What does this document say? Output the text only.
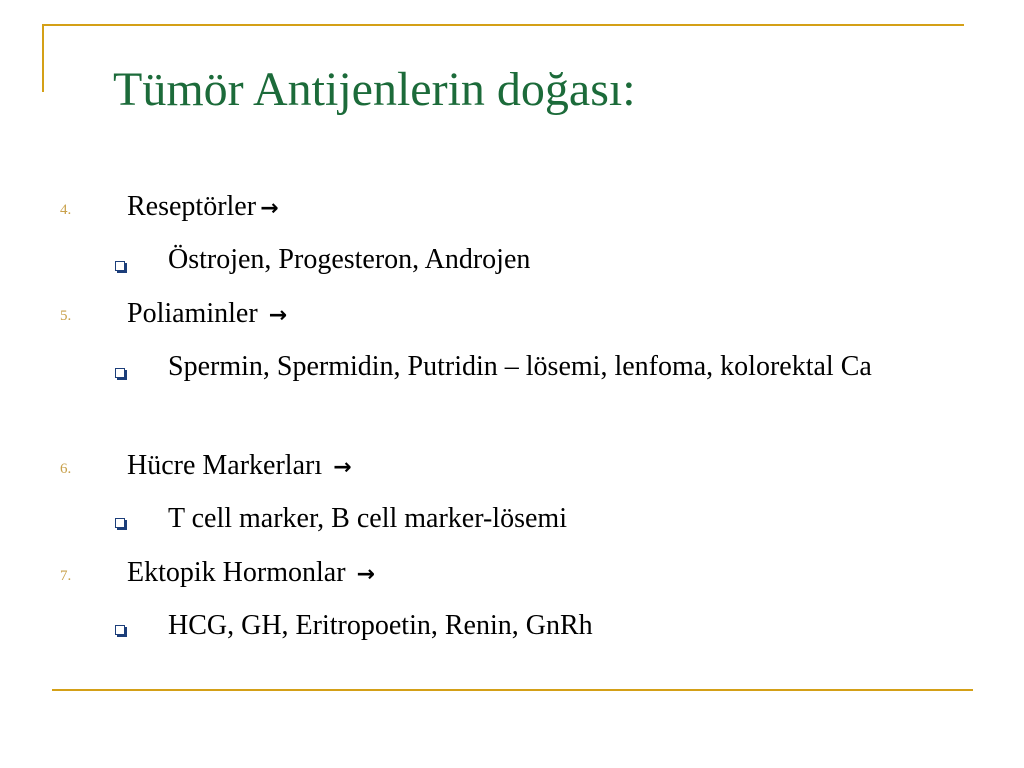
Tümör Antijenlerin doğası:
4. Reseptörler →
Östrojen, Progesteron, Androjen
5. Poliaminler →
Spermin, Spermidin, Putridin – lösemi, lenfoma, kolorektal Ca
6. Hücre Markerları →
T cell marker, B cell marker-lösemi
7. Ektopik Hormonlar →
HCG, GH, Eritropoetin, Renin, GnRh
